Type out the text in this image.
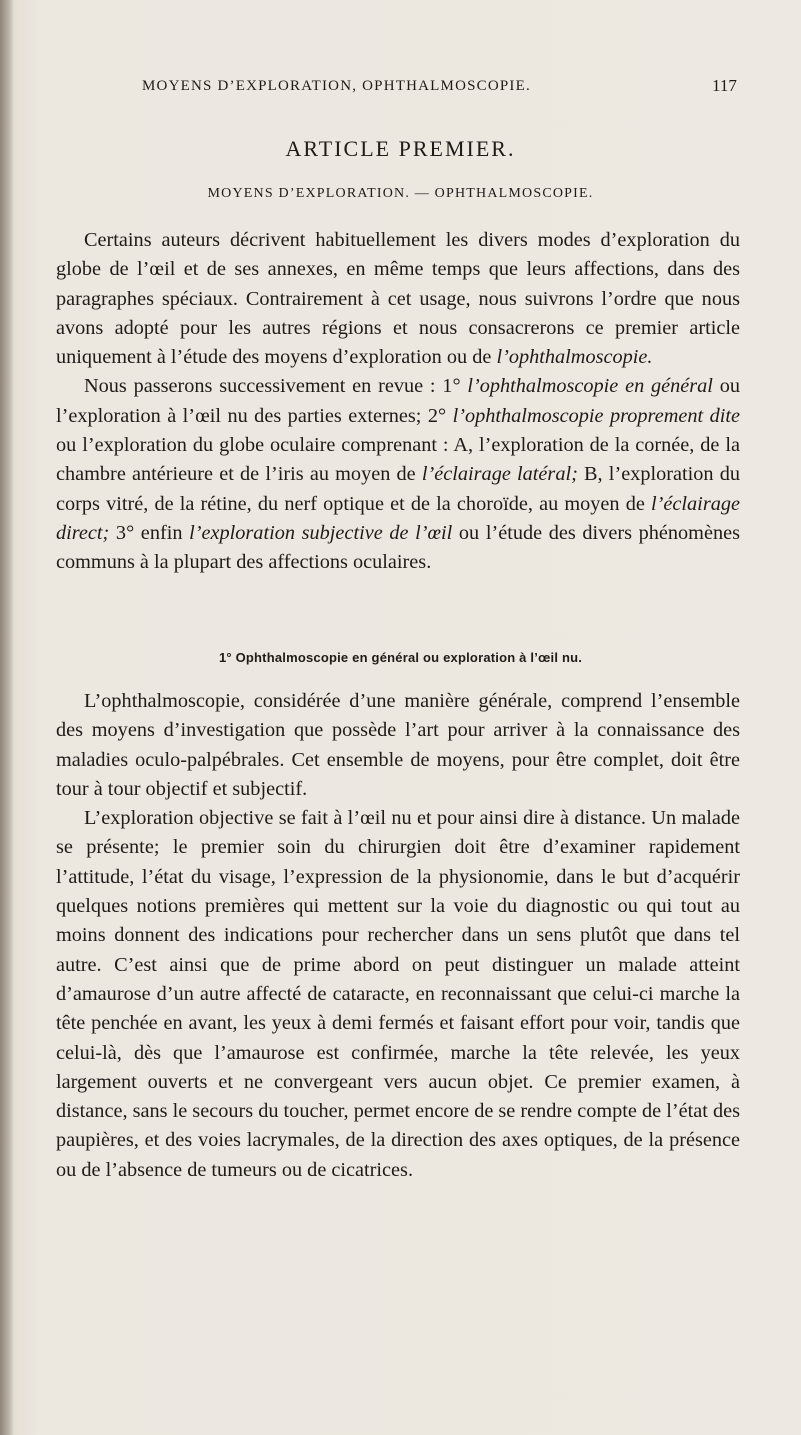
MOYENS D’EXPLORATION, OPHTHALMOSCOPIE.	117
ARTICLE PREMIER.
MOYENS D’EXPLORATION. — OPHTHALMOSCOPIE.

Certains auteurs décrivent habituellement les divers modes d’exploration du globe de l’œil et de ses annexes, en même temps que leurs affections, dans des paragraphes spéciaux. Contrairement à cet usage, nous suivrons l’ordre que nous avons adopté pour les autres régions et nous consacrerons ce premier article uniquement à l’étude des moyens d’exploration ou de l’ophthalmoscopie.

Nous passerons successivement en revue : 1° l’ophthalmoscopie en général ou l’exploration à l’œil nu des parties externes; 2° l’ophthalmoscopie proprement dite ou l’exploration du globe oculaire comprenant : A, l’exploration de la cornée, de la chambre antérieure et de l’iris au moyen de l’éclairage latéral; B, l’exploration du corps vitré, de la rétine, du nerf optique et de la choroïde, au moyen de l’éclairage direct; 3° enfin l’exploration subjective de l’œil ou l’étude des divers phénomènes communs à la plupart des affections oculaires.

1° Ophthalmoscopie en général ou exploration à l’œil nu.

L’ophthalmoscopie, considérée d’une manière générale, comprend l’ensemble des moyens d’investigation que possède l’art pour arriver à la connaissance des maladies oculo-palpébrales. Cet ensemble de moyens, pour être complet, doit être tour à tour objectif et subjectif.

L’exploration objective se fait à l’œil nu et pour ainsi dire à distance. Un malade se présente; le premier soin du chirurgien doit être d’examiner rapidement l’attitude, l’état du visage, l’expression de la physionomie, dans le but d’acquérir quelques notions premières qui mettent sur la voie du diagnostic ou qui tout au moins donnent des indications pour rechercher dans un sens plutôt que dans tel autre. C’est ainsi que de prime abord on peut distinguer un malade atteint d’amaurose d’un autre affecté de cataracte, en reconnaissant que celui-ci marche la tête penchée en avant, les yeux à demi fermés et faisant effort pour voir, tandis que celui-là, dès que l’amaurose est confirmée, marche la tête relevée, les yeux largement ouverts et ne convergeant vers aucun objet. Ce premier examen, à distance, sans le secours du toucher, permet encore de se rendre compte de l’état des paupières, et des voies lacrymales, de la direction des axes optiques, de la présence ou de l’absence de tumeurs ou de cicatrices.
